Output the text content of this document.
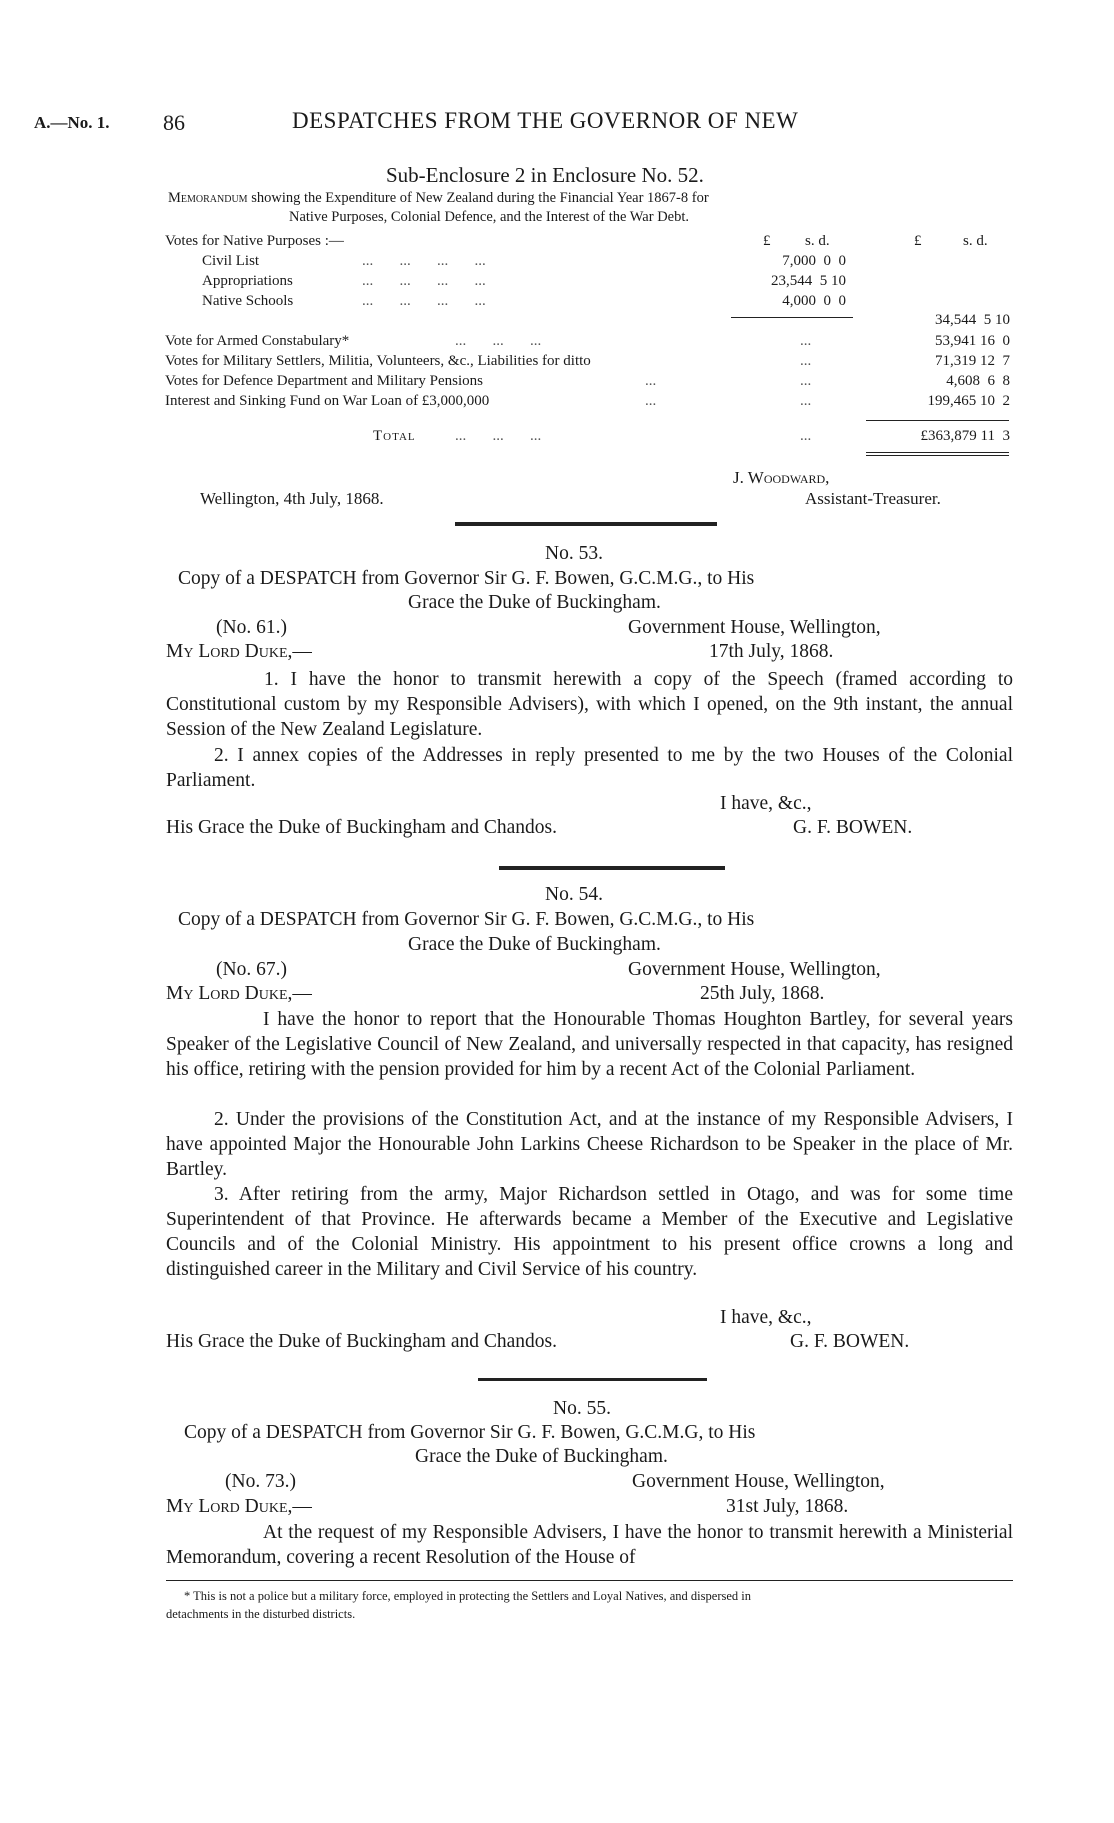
A.—No. 1. 86	DESPATCHES FROM THE GOVERNOR OF NEW
Sub-Enclosure 2 in Enclosure No. 52.
Memorandum showing the Expenditure of New Zealand during the Financial Year 1867-8 for
Native Purposes, Colonial Defence, and the Interest of the War Debt.
£ s. d.	£	s. d.
Votes for Native Purposes :—
Civil List	...       ...       ...       ...	7,000  0  0
Appropriations	...       ...       ...       ...	23,544  5 10
Native Schools	...       ...       ...       ...	4,000  0  0
34,544  5 10
Vote for Armed Constabulary*	...       ...       ...	...	53,941 16  0
Votes for Military Settlers, Militia, Volunteers, &c., Liabilities for ditto	...	71,319 12  7
Votes for Defence Department and Military Pensions	...	...	4,608  6  8
Interest and Sinking Fund on War Loan of £3,000,000	...	...	199,465 10  2
Total	...       ...       ...	...	£363,879 11  3
J. Woodward,
Wellington, 4th July, 1868.	Assistant-Treasurer.
No. 53.
Copy of a DESPATCH from Governor Sir G. F. Bowen, G.C.M.G., to His
Grace the Duke of Buckingham.
(No. 61.)	Government House, Wellington,
My Lord Duke,—	17th July, 1868.
1. I have the honor to transmit herewith a copy of the Speech (framed according to Constitutional custom by my Responsible Advisers), with which I opened, on the 9th instant, the annual Session of the New Zealand Legislature.
2. I annex copies of the Addresses in reply presented to me by the two Houses of the Colonial Parliament.
I have, &c.,
His Grace the Duke of Buckingham and Chandos.	G. F. BOWEN.
No. 54.
Copy of a DESPATCH from Governor Sir G. F. Bowen, G.C.M.G., to His
Grace the Duke of Buckingham.
(No. 67.)	Government House, Wellington,
My Lord Duke,—	25th July, 1868.
I have the honor to report that the Honourable Thomas Houghton Bartley, for several years Speaker of the Legislative Council of New Zealand, and universally respected in that capacity, has resigned his office, retiring with the pension provided for him by a recent Act of the Colonial Parliament.
2. Under the provisions of the Constitution Act, and at the instance of my Responsible Advisers, I have appointed Major the Honourable John Larkins Cheese Richardson to be Speaker in the place of Mr. Bartley.
3. After retiring from the army, Major Richardson settled in Otago, and was for some time Superintendent of that Province. He afterwards became a Member of the Executive and Legislative Councils and of the Colonial Ministry. His appointment to his present office crowns a long and distinguished career in the Military and Civil Service of his country.
I have, &c.,
His Grace the Duke of Buckingham and Chandos.	G. F. BOWEN.
No. 55.
Copy of a DESPATCH from Governor Sir G. F. Bowen, G.C.M.G, to His
Grace the Duke of Buckingham.
(No. 73.)	Government House, Wellington,
My Lord Duke,—	31st July, 1868.
At the request of my Responsible Advisers, I have the honor to transmit herewith a Ministerial Memorandum, covering a recent Resolution of the House of
* This is not a police but a military force, employed in protecting the Settlers and Loyal Natives, and dispersed in
detachments in the disturbed districts.
